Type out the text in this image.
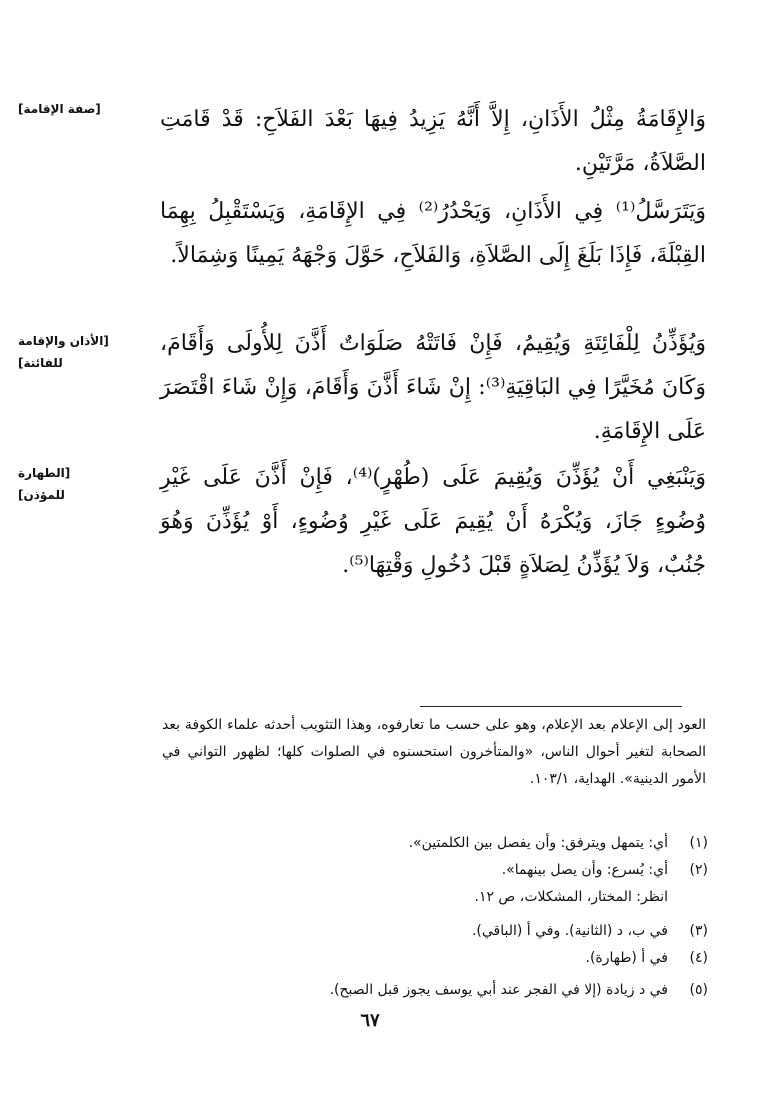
[صفة الإقامة]
[الأذان والإقامة للفائتة]
[الطهارة للمؤذن]
وَالإِقَامَةُ مِثْلُ الأَذَانِ، إِلاَّ أَنَّهُ يَزِيدُ فِيهَا بَعْدَ الفَلاَحِ: قَدْ قَامَتِ الصَّلاَةُ، مَرَّتَيْنِ.
وَيَتَرَسَّلُ⁽¹⁾ فِي الأَذَانِ، وَيَحْدُرُ⁽²⁾ فِي الإِقَامَةِ، وَيَسْتَقْبِلُ بِهِمَا القِبْلَةَ، فَإِذَا بَلَغَ إِلَى الصَّلاَةِ، وَالفَلاَحِ، حَوَّلَ وَجْهَهُ يَمِينًا وَشِمَالاً.
وَيُؤَذِّنُ لِلْفَائِتَةِ وَيُقِيمُ، فَإِنْ فَاتَتْهُ صَلَوَاتٌ أَذَّنَ لِلأُولَى وَأَقَامَ، وَكَانَ مُخَيَّرًا فِي البَاقِيَةِ⁽³⁾: إِنْ شَاءَ أَذَّنَ وَأَقَامَ، وَإِنْ شَاءَ اقْتَصَرَ عَلَى الإِقَامَةِ.
وَيَنْبَغِي أَنْ يُؤَذِّنَ وَيُقِيمَ عَلَى (طُهْرٍ)⁽⁴⁾، فَإِنْ أَذَّنَ عَلَى غَيْرِ وُضُوءٍ جَازَ، وَيُكْرَهُ أَنْ يُقِيمَ عَلَى غَيْرِ وُضُوءٍ، أَوْ يُؤَذِّنَ وَهُوَ جُنُبٌ، وَلاَ يُؤَذِّنُ لِصَلاَةٍ قَبْلَ دُخُولِ وَقْتِهَا⁽⁵⁾.
العود إلى الإعلام بعد الإعلام، وهو على حسب ما تعارفوه، وهذا التثويب أحدثه علماء الكوفة بعد الصحابة لتغير أحوال الناس، «والمتأخرون استحسنوه في الصلوات كلها؛ لظهور التواني في الأمور الدينية». الهداية، ١٠٣/١.
(١)أي: يتمهل ويترفق: وأن يفصل بين الكلمتين».
(٢)أي: يُسرع: وأن يصل بينهما».
انظر: المختار، المشكلات، ص ١٢.
(٣)في ب، د (الثانية). وفي أ (الباقي).
(٤)في أ (طهارة).
(٥)في د زيادة (إلا في الفجر عند أبي يوسف يجوز قبل الصبح).
٦٧
